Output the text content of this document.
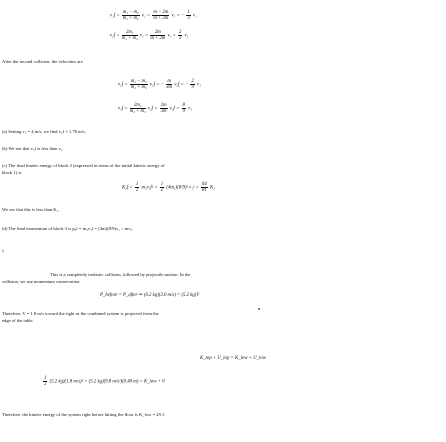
$v_1f = \frac{\text{m₁ − m₂}}{\text{m₁ + m₂}} v_1 = \frac{m - 2m}{m + 2m} v_1$ = − $\frac{1}{3} v_1$
$v_2f = \frac{\text{2m₁}}{\text{m₁ + m₂}} v_1 = \frac{2m}{m + 2m} v_1 = \frac{2}{3} v_1$
After the second collision, the velocities are
$v_2f = \frac{\text{m₂ − m₃}}{\text{m₂ + m₃}} v_2f$ = − $\frac{m}{3m} v_2f$ = − $\frac{2}{9} v_1$
$v_3f = \frac{\text{2m₂}}{\text{m₂ + m₃}} v_2f = \frac{2m}{3m} v_2f = \frac{8}{9} v_1$
(a) Setting v₁ = 4 m/s, we find v₃f ≈ 1.78 m/s.
(b) We see that v₃f is less than v₁.
(c) The final kinetic energy of block 3 (expressed in terms of the initial kinetic energy of
block 1) is
$K_3f = \frac{1}{2} m_3v_3f^2 = \frac{1}{2} (4m_1)(8/9)^2$ $v_1^2 = \frac{64}{81} K_1$
We see that this is less than K₁.
(d) The final momentum of block 3 is p₃f = m₃v₃f = (4m)(8/9)v₁ > mv₁.
)
This is a completely inelastic collision, followed by projectile motion. In the
collision, we use momentum conservation.
P_before = P_after ⇒ (0.2 kg)(3.0 m/s) = (5.2 kg)V
Therefore, V = 1.8 m/s toward the right as the combined system is projected from the
edge of the table.
K_top + U_top = K_low + U_low
$\frac{1}{2} (5.2$ kg)(1.8 m/s)² + (5.2 kg)(9.8 m/s²)(0.40 m) = K_low + 0
Therefore, the kinetic energy of the system right before hitting the floor is K_low = 29 J.
